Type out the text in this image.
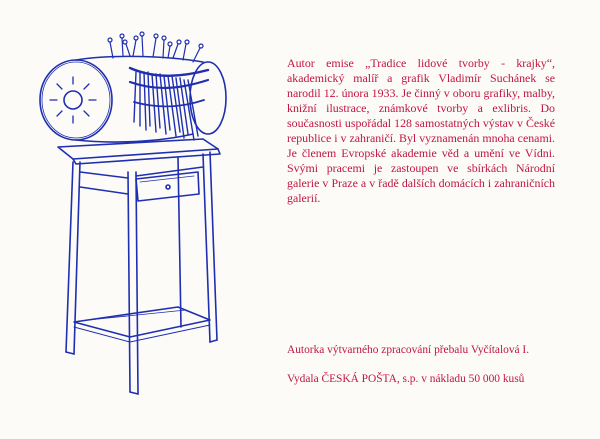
Autor emise „Tradice lidové tvorby - krajky“, akademický malíř a grafik Vladimír Suchánek se narodil 12. února 1933. Je činný v oboru grafiky, malby, knižní ilustrace, známkové tvorby a exlibris. Do současnosti uspořádal 128 samostatných výstav v České republice i v zahraničí. Byl vyznamenán mnoha cenami. Je členem Evropské akademie věd a umění ve Vídni. Svými pracemi je zastoupen ve sbírkách Národní galerie v Praze a v řadě dalších domácích i zahraničních galerií.

Autorka výtvarného zpracování přebalu Vyčítalová I.

Vydala ČESKÁ POŠTA, s.p. v nákladu 50 000 kusů
